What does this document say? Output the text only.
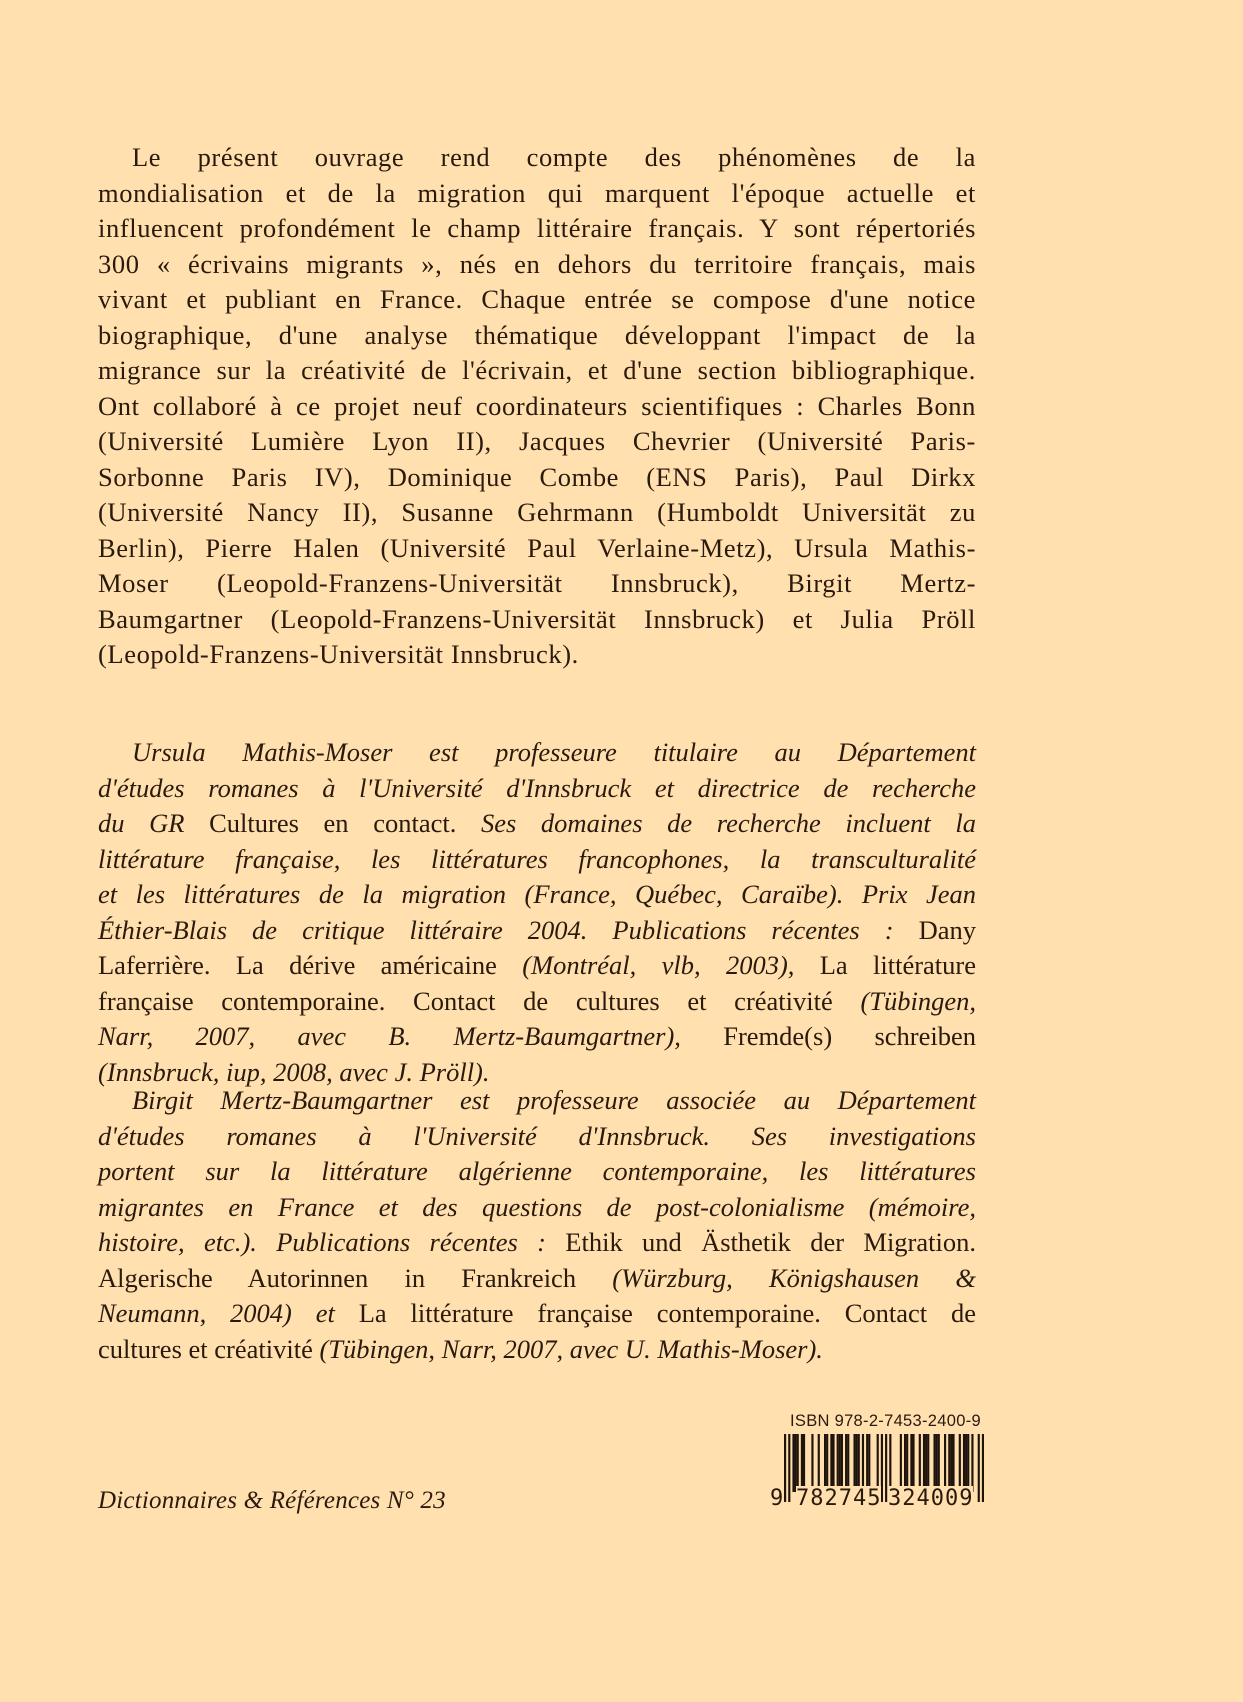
Le présent ouvrage rend compte des phénomènes de la
mondialisation et de la migration qui marquent l'époque actuelle et
influencent profondément le champ littéraire français. Y sont répertoriés
300 « écrivains migrants », nés en dehors du territoire français, mais
vivant et publiant en France. Chaque entrée se compose d'une notice
biographique, d'une analyse thématique développant l'impact de la
migrance sur la créativité de l'écrivain, et d'une section bibliographique.
Ont collaboré à ce projet neuf coordinateurs scientifiques : Charles Bonn
(Université Lumière Lyon II), Jacques Chevrier (Université Paris-
Sorbonne Paris IV), Dominique Combe (ENS Paris), Paul Dirkx
(Université Nancy II), Susanne Gehrmann (Humboldt Universität zu
Berlin), Pierre Halen (Université Paul Verlaine-Metz), Ursula Mathis-
Moser (Leopold-Franzens-Universität Innsbruck), Birgit Mertz-
Baumgartner (Leopold-Franzens-Universität Innsbruck) et Julia Pröll
(Leopold-Franzens-Universität Innsbruck).
Ursula Mathis-Moser est professeure titulaire au Département
d'études romanes à l'Université d'Innsbruck et directrice de recherche
du GR Cultures en contact. Ses domaines de recherche incluent la
littérature française, les littératures francophones, la transculturalité
et les littératures de la migration (France, Québec, Caraïbe). Prix Jean
Éthier-Blais de critique littéraire 2004. Publications récentes : Dany
Laferrière. La dérive américaine (Montréal, vlb, 2003), La littérature
française contemporaine. Contact de cultures et créativité (Tübingen,
Narr, 2007, avec B. Mertz-Baumgartner), Fremde(s) schreiben
(Innsbruck, iup, 2008, avec J. Pröll).
Birgit Mertz-Baumgartner est professeure associée au Département
d'études romanes à l'Université d'Innsbruck. Ses investigations
portent sur la littérature algérienne contemporaine, les littératures
migrantes en France et des questions de post-colonialisme (mémoire,
histoire, etc.). Publications récentes : Ethik und Ästhetik der Migration.
Algerische Autorinnen in Frankreich (Würzburg, Königshausen &
Neumann, 2004) et La littérature française contemporaine. Contact de
cultures et créativité (Tübingen, Narr, 2007, avec U. Mathis-Moser).
Dictionnaires & Références N° 23
ISBN 978-2-7453-2400-9
9 782745 324009
